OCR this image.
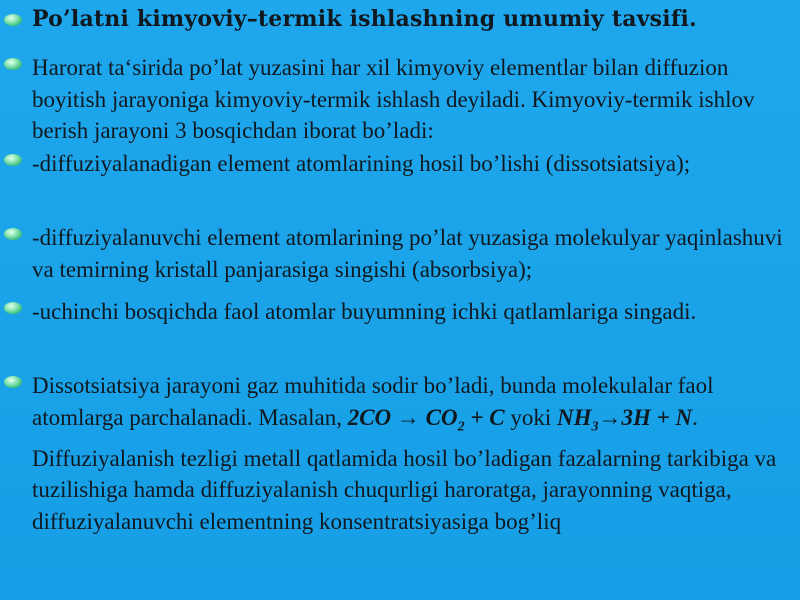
Po’latni kimyoviy–termik ishlashning umumiy tavsifi.
Harorat ta‘sirida po’lat yuzasini har xil kimyoviy elementlar bilan diffuzion boyitish jarayoniga kimyoviy-termik ishlash deyiladi. Kimyoviy-termik ishlov berish jarayoni 3 bosqichdan iborat bo’ladi:
-diffuziyalanadigan element atomlarining hosil bo’lishi (dissotsiatsiya);
-diffuziyalanuvchi element atomlarining po’lat yuzasiga molekulyar yaqinlashuvi va temirning kristall panjarasiga singishi (absorbsiya);
-uchinchi bosqichda faol atomlar buyumning ichki qatlamlariga singadi.
Dissotsiatsiya jarayoni gaz muhitida sodir bo’ladi, bunda molekulalar faol atomlarga parchalanadi. Masalan, $2CO \to CO_2 + C$ yoki $NH_3\to 3H + N$. Diffuziyalanish tezligi metall qatlamida hosil bo’ladigan fazalarning tarkibiga va tuzilishiga hamda diffuziyalanish chuqurligi haroratga, jarayonning vaqtiga, diffuziyalanuvchi elementning konsentratsiyasiga bog’liq
